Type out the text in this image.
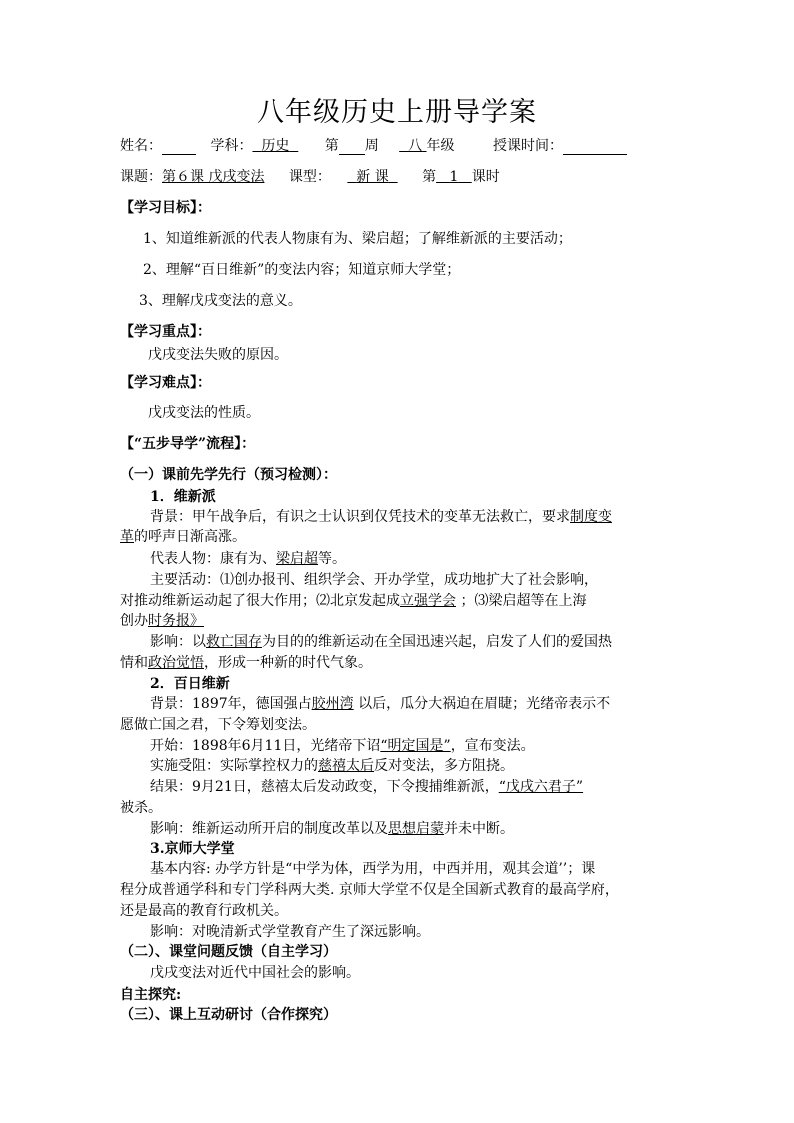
八年级历史上册导学案
姓名：	学科： 历史	第 周 八 年级	授课时间：
课题：第６课 戊戌变法 课型： 新 课 第 1 课时
【学习目标】：
1、知道维新派的代表人物康有为、梁启超；了解维新派的主要活动；
2、理解“百日维新”的变法内容；知道京师大学堂；
3、理解戊戌变法的意义。
【学习重点】：
戊戌变法失败的原因。
【学习难点】：
戊戌变法的性质。
【“五步导学”流程】：
（一）课前先学先行（预习检测）：
1．维新派
背景：甲午战争后，有识之士认识到仅凭技术的变革无法救亡，要求制度变
革的呼声日渐高涨。
代表人物：康有为、梁启超等。
主要活动：⑴创办报刊、组织学会、开办学堂，成功地扩大了社会影响，
对推动维新运动起了很大作用；⑵北京发起成立强学会 ；⑶梁启超等在上海
创办时务报》
影响：以救亡国存为目的的维新运动在全国迅速兴起，启发了人们的爱国热
情和政治觉悟，形成一种新的时代气象。
2．百日维新
背景：1897年，德国强占胶州湾 以后，瓜分大祸迫在眉睫；光绪帝表示不
愿做亡国之君，下令筹划变法。
开始：1898年6月11日，光绪帝下诏“明定国是”，宣布变法。
实施受阻：实际掌控权力的慈禧太后反对变法，多方阻挠。
结果：9月21日，慈禧太后发动政变，下令搜捕维新派，“戊戌六君子”
被杀。
影响：维新运动所开启的制度改革以及思想启蒙并未中断。
3.京师大学堂
基本内容: 办学方针是“中学为体，西学为用，中西并用，观其会道’’；课
程分成普通学科和专门学科两大类. 京师大学堂不仅是全国新式教育的最高学府，
还是最高的教育行政机关。
影响：对晚清新式学堂教育产生了深远影响。
（二）、课堂问题反馈（自主学习）
戊戌变法对近代中国社会的影响。
自主探究:
（三）、课上互动研讨（合作探究）
